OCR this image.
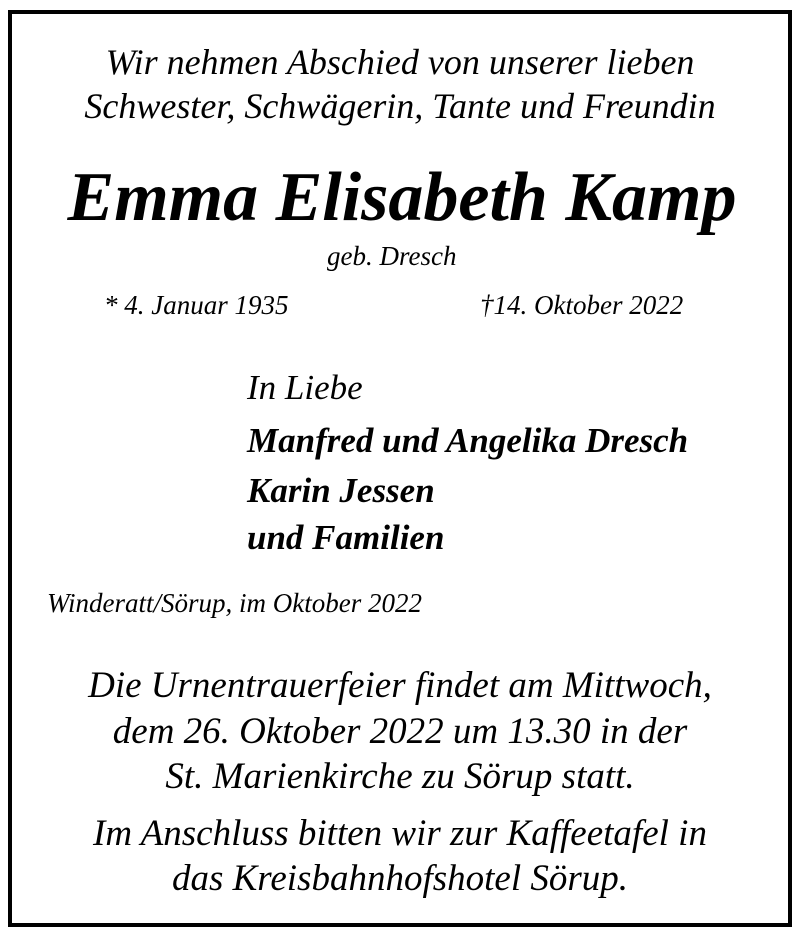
Wir nehmen Abschied von unserer lieben
Schwester, Schwägerin, Tante und Freundin
Emma Elisabeth Kamp
geb. Dresch
* 4. Januar 1935	†14. Oktober 2022
In Liebe
Manfred und Angelika Dresch
Karin Jessen
und Familien
Winderatt/Sörup, im Oktober 2022
Die Urnentrauerfeier findet am Mittwoch,
dem 26. Oktober 2022 um 13.30 in der
St. Marienkirche zu Sörup statt.
Im Anschluss bitten wir zur Kaffeetafel in
das Kreisbahnhofshotel Sörup.
